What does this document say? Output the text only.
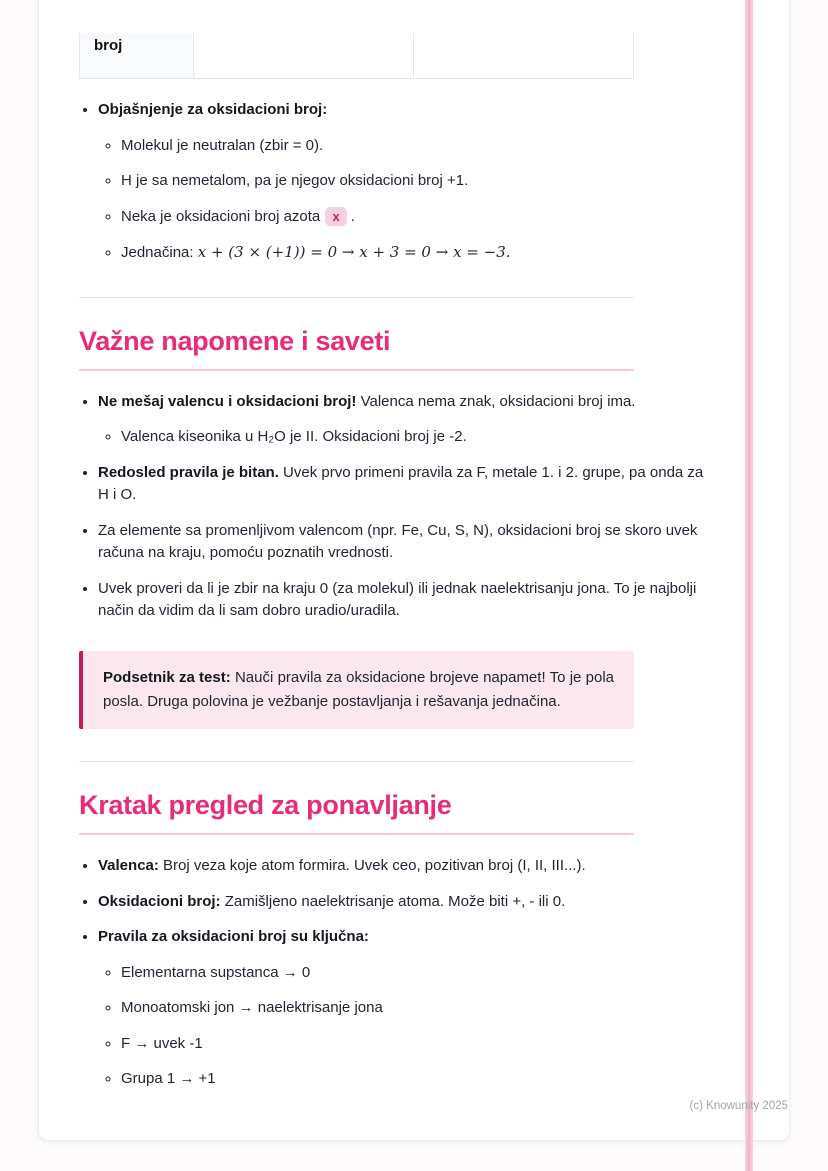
broj
• Objašnjenje za oksidacioni broj:
◦ Molekul je neutralan (zbir = 0).
◦ H je sa nemetalom, pa je njegov oksidacioni broj +1.
◦ Neka je oksidacioni broj azota x .
◦ Jednačina: x + (3 × (+1)) = 0 → x + 3 = 0 → x = −3.
Važne napomene i saveti
• Ne mešaj valencu i oksidacioni broj! Valenca nema znak, oksidacioni broj ima.
◦ Valenca kiseonika u H₂O je II. Oksidacioni broj je -2.
• Redosled pravila je bitan. Uvek prvo primeni pravila za F, metale 1. i 2. grupe, pa onda za H i O.
• Za elemente sa promenljivom valencom (npr. Fe, Cu, S, N), oksidacioni broj se skoro uvek računa na kraju, pomoću poznatih vrednosti.
• Uvek proveri da li je zbir na kraju 0 (za molekul) ili jednak naelektrisanju jona. To je najbolji način da vidim da li sam dobro uradio/uradila.
Podsetnik za test: Nauči pravila za oksidacione brojeve napamet! To je pola posla. Druga polovina je vežbanje postavljanja i rešavanja jednačina.
Kratak pregled za ponavljanje
• Valenca: Broj veza koje atom formira. Uvek ceo, pozitivan broj (I, II, III...).
• Oksidacioni broj: Zamišljeno naelektrisanje atoma. Može biti +, - ili 0.
• Pravila za oksidacioni broj su ključna:
◦ Elementarna supstanca → 0
◦ Monoatomski jon → naelektrisanje jona
◦ F → uvek -1
◦ Grupa 1 → +1
(c) Knowunity 2025
